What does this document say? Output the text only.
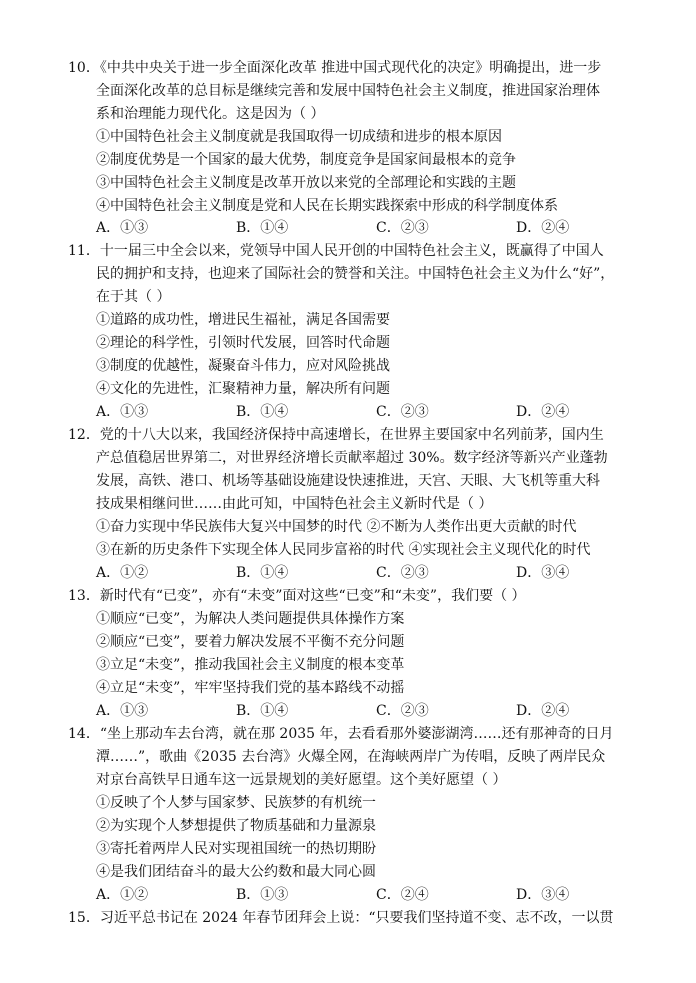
10．《中共中央关于进一步全面深化改革 推进中国式现代化的决定》明确提出，进一步
全面深化改革的总目标是继续完善和发展中国特色社会主义制度，推进国家治理体
系和治理能力现代化。这是因为（ ）
①中国特色社会主义制度就是我国取得一切成绩和进步的根本原因
②制度优势是一个国家的最大优势，制度竞争是国家间最根本的竞争
③中国特色社会主义制度是改革开放以来党的全部理论和实践的主题
④中国特色社会主义制度是党和人民在长期实践探索中形成的科学制度体系
A．①③	B．①④	C．②③	D．②④
11．十一届三中全会以来，党领导中国人民开创的中国特色社会主义，既赢得了中国人
民的拥护和支持，也迎来了国际社会的赞誉和关注。中国特色社会主义为什么“好”，
在于其（ ）
①道路的成功性，增进民生福祉，满足各国需要
②理论的科学性，引领时代发展，回答时代命题
③制度的优越性，凝聚奋斗伟力，应对风险挑战
④文化的先进性，汇聚精神力量，解决所有问题
A．①③	B．①④	C．②③	D．②④
12．党的十八大以来，我国经济保持中高速增长，在世界主要国家中名列前茅，国内生
产总值稳居世界第二，对世界经济增长贡献率超过 30%。数字经济等新兴产业蓬勃
发展，高铁、港口、机场等基础设施建设快速推进，天宫、天眼、大飞机等重大科
技成果相继问世……由此可知，中国特色社会主义新时代是（ ）
①奋力实现中华民族伟大复兴中国梦的时代 ②不断为人类作出更大贡献的时代
③在新的历史条件下实现全体人民同步富裕的时代 ④实现社会主义现代化的时代
A．①②	B．①④	C．②③	D．③④
13．新时代有“已变”，亦有“未变”面对这些“已变”和“未变”，我们要（ ）
①顺应“已变”，为解决人类问题提供具体操作方案
②顺应“已变”，要着力解决发展不平衡不充分问题
③立足“未变”，推动我国社会主义制度的根本变革
④立足“未变”，牢牢坚持我们党的基本路线不动摇
A．①③	B．①④	C．②③	D．②④
14．“坐上那动车去台湾，就在那 2035 年，去看看那外婆澎湖湾……还有那神奇的日月
潭……”，歌曲《2035 去台湾》火爆全网，在海峡两岸广为传唱，反映了两岸民众
对京台高铁早日通车这一远景规划的美好愿望。这个美好愿望（ ）
①反映了个人梦与国家梦、民族梦的有机统一
②为实现个人梦想提供了物质基础和力量源泉
③寄托着两岸人民对实现祖国统一的热切期盼
④是我们团结奋斗的最大公约数和最大同心圆
A．①②	B．①③	C．②④	D．③④
15．习近平总书记在 2024 年春节团拜会上说：“只要我们坚持道不变、志不改，一以贯
